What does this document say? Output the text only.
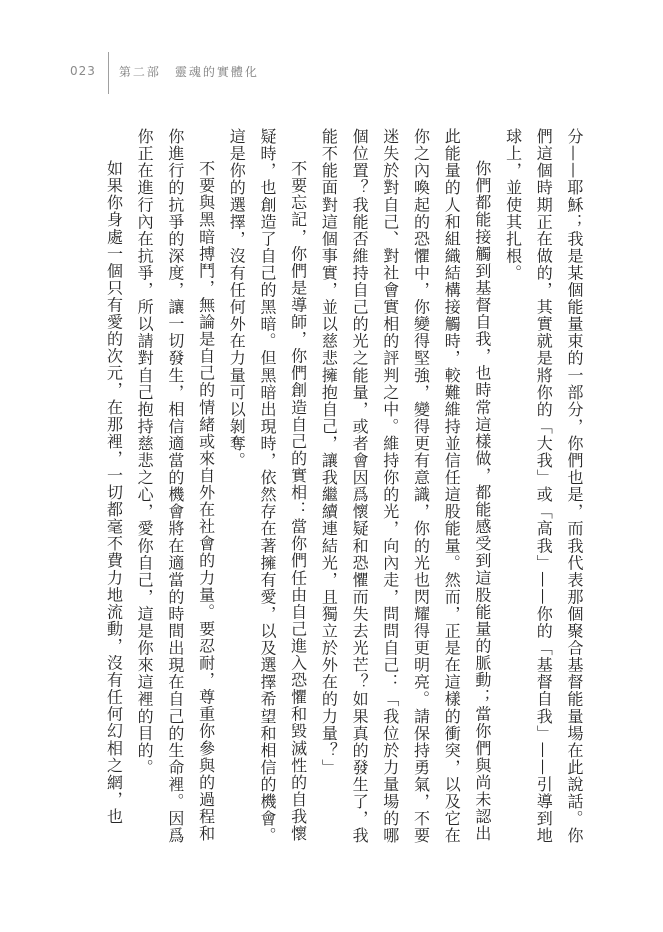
023 第二部　靈魂的實體化

分——耶穌；我是某個能量束的一部分，你們也是，而我代表那個聚合基督能量場在此說話。你們這個時期正在做的，其實就是將你的「大我」或「高我」——你的「基督自我」——引導到地球上，並使其扎根。

你們都能接觸到基督自我，也時常這樣做，都能感受到這股能量的脈動；當你們與尚未認出此能量的人和組織結構接觸時，較難維持並信任這股能量。然而，正是在這樣的衝突，以及它在你之內喚起的恐懼中，你變得堅強，變得更有意識，你的光也閃耀得更明亮。請保持勇氣，不要迷失於對自己、對社會實相的評判之中。維持你的光，向內走，問問自己：「我位於力量場的哪個位置？我能否維持自己的光之能量，或者會因爲懷疑和恐懼而失去光芒？如果真的發生了，我能不能面對這個事實，並以慈悲擁抱自己，讓我繼續連結光，且獨立於外在的力量？」

不要忘記，你們是導師，你們創造自己的實相：當你們任由自己進入恐懼和毀滅性的自我懷疑時，也創造了自己的黑暗。但黑暗出現時，依然存在著擁有愛，以及選擇希望和相信的機會。這是你的選擇，沒有任何外在力量可以剝奪。

不要與黑暗搏鬥，無論是自己的情緒或來自外在社會的力量。要忍耐，尊重你參與的過程和你進行的抗爭的深度，讓一切發生，相信適當的機會將在適當的時間出現在自己的生命裡。因爲你正在進行內在抗爭，所以請對自己抱持慈悲之心，愛你自己，這是你來這裡的目的。

如果你身處一個只有愛的次元，在那裡，一切都毫不費力地流動，沒有任何幻相之網，也
